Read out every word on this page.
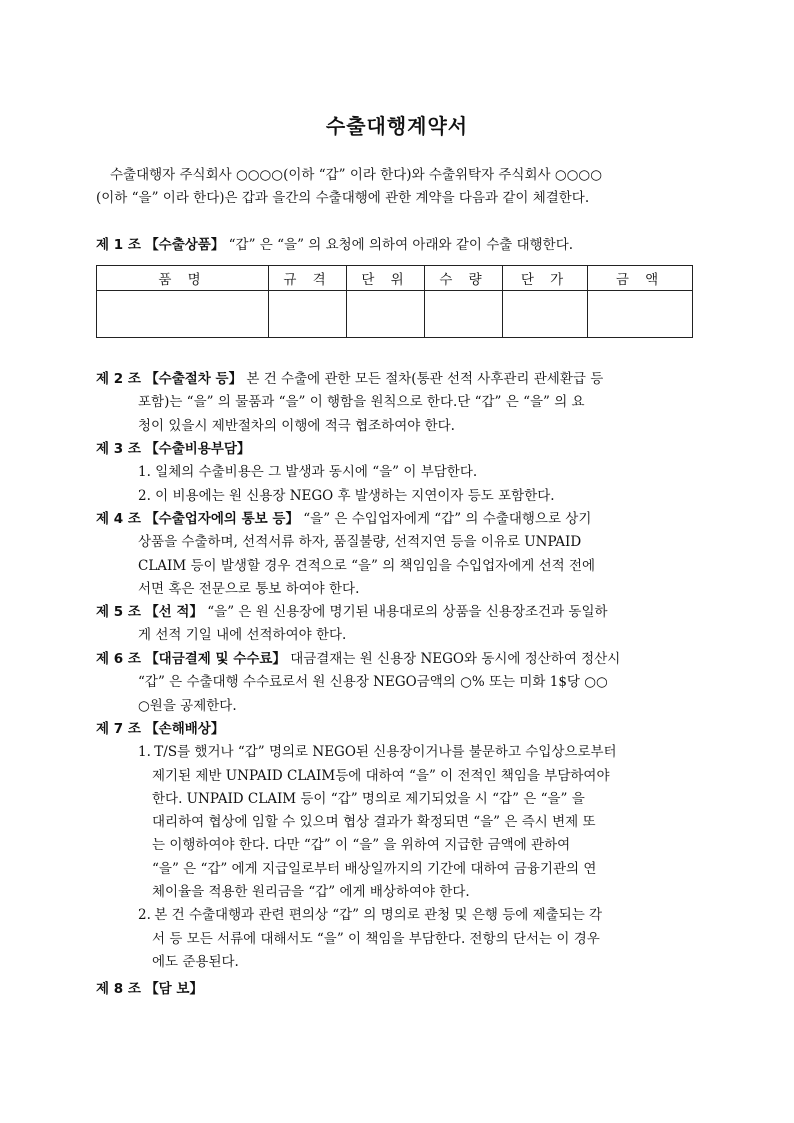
수출대행계약서
수출대행자 주식회사 ○○○○(이하 “갑” 이라 한다)와 수출위탁자 주식회사 ○○○○
(이하 “을” 이라 한다)은 갑과 을간의 수출대행에 관한 계약을 다음과 같이 체결한다.
제 1 조 【수출상품】 “갑” 은 “을” 의 요청에 의하여 아래와 같이 수출 대행한다.
품 명	규 격	단 위	수 량	단 가	금 액

제 2 조 【수출절차 등】 본 건 수출에 관한 모든 절차(통관 선적 사후관리 관세환급 등
포함)는 “을” 의 물품과 “을” 이 행함을 원칙으로 한다.단 “갑” 은 “을” 의 요
청이 있을시 제반절차의 이행에 적극 협조하여야 한다.
제 3 조 【수출비용부담】
1. 일체의 수출비용은 그 발생과 동시에 “을” 이 부담한다.
2. 이 비용에는 원 신용장 NEGO 후 발생하는 지연이자 등도 포함한다.
제 4 조 【수출업자에의 통보 등】 “을” 은 수입업자에게 “갑” 의 수출대행으로 상기
상품을 수출하며, 선적서류 하자, 품질불량, 선적지연 등을 이유로 UNPAID
CLAIM 등이 발생할 경우 견적으로 “을” 의 책임임을 수입업자에게 선적 전에
서면 혹은 전문으로 통보 하여야 한다.
제 5 조 【선 적】 “을” 은 원 신용장에 명기된 내용대로의 상품을 신용장조건과 동일하
게 선적 기일 내에 선적하여야 한다.
제 6 조 【대금결제 및 수수료】 대금결재는 원 신용장 NEGO와 동시에 정산하여 정산시
“갑” 은 수출대행 수수료로서 원 신용장 NEGO금액의 ○% 또는 미화 1$당 ○○
○원을 공제한다.
제 7 조 【손해배상】
1. T/S를 했거나 “갑” 명의로 NEGO된 신용장이거나를 불문하고 수입상으로부터
제기된 제반 UNPAID CLAIM등에 대하여 “을” 이 전적인 책임을 부담하여야
한다. UNPAID CLAIM 등이 “갑” 명의로 제기되었을 시 “갑” 은 “을” 을
대리하여 협상에 임할 수 있으며 협상 결과가 확정되면 “을” 은 즉시 변제 또
는 이행하여야 한다. 다만 “갑” 이 “을” 을 위하여 지급한 금액에 관하여
“을” 은 “갑” 에게 지급일로부터 배상일까지의 기간에 대하여 금융기관의 연
체이율을 적용한 원리금을 “갑” 에게 배상하여야 한다.
2. 본 건 수출대행과 관련 편의상 “갑” 의 명의로 관청 및 은행 등에 제출되는 각
서 등 모든 서류에 대해서도 “을” 이 책임을 부담한다. 전항의 단서는 이 경우
에도 준용된다.
제 8 조 【담 보】
